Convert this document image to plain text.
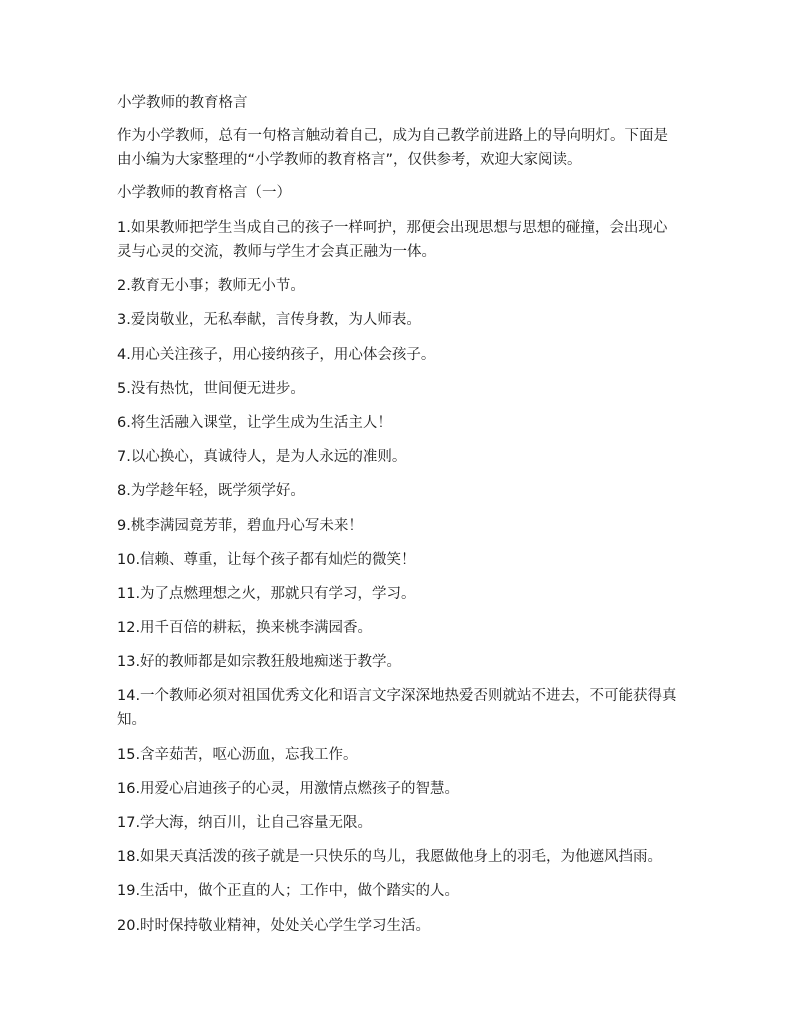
小学教师的教育格言
作为小学教师，总有一句格言触动着自己，成为自己教学前进路上的导向明灯。下面是由小编为大家整理的“小学教师的教育格言”，仅供参考，欢迎大家阅读。
小学教师的教育格言（一）
1.如果教师把学生当成自己的孩子一样呵护，那便会出现思想与思想的碰撞，会出现心灵与心灵的交流，教师与学生才会真正融为一体。
2.教育无小事；教师无小节。
3.爱岗敬业，无私奉献，言传身教，为人师表。
4.用心关注孩子，用心接纳孩子，用心体会孩子。
5.没有热忱，世间便无进步。
6.将生活融入课堂，让学生成为生活主人！
7.以心换心，真诚待人，是为人永远的准则。
8.为学趁年轻，既学须学好。
9.桃李满园竟芳菲，碧血丹心写未来！
10.信赖、尊重，让每个孩子都有灿烂的微笑！
11.为了点燃理想之火，那就只有学习，学习。
12.用千百倍的耕耘，换来桃李满园香。
13.好的教师都是如宗教狂般地痴迷于教学。
14.一个教师必须对祖国优秀文化和语言文字深深地热爱否则就站不进去，不可能获得真知。
15.含辛茹苦，呕心沥血，忘我工作。
16.用爱心启迪孩子的心灵，用激情点燃孩子的智慧。
17.学大海，纳百川，让自己容量无限。
18.如果天真活泼的孩子就是一只快乐的鸟儿，我愿做他身上的羽毛，为他遮风挡雨。
19.生活中，做个正直的人；工作中，做个踏实的人。
20.时时保持敬业精神，处处关心学生学习生活。
